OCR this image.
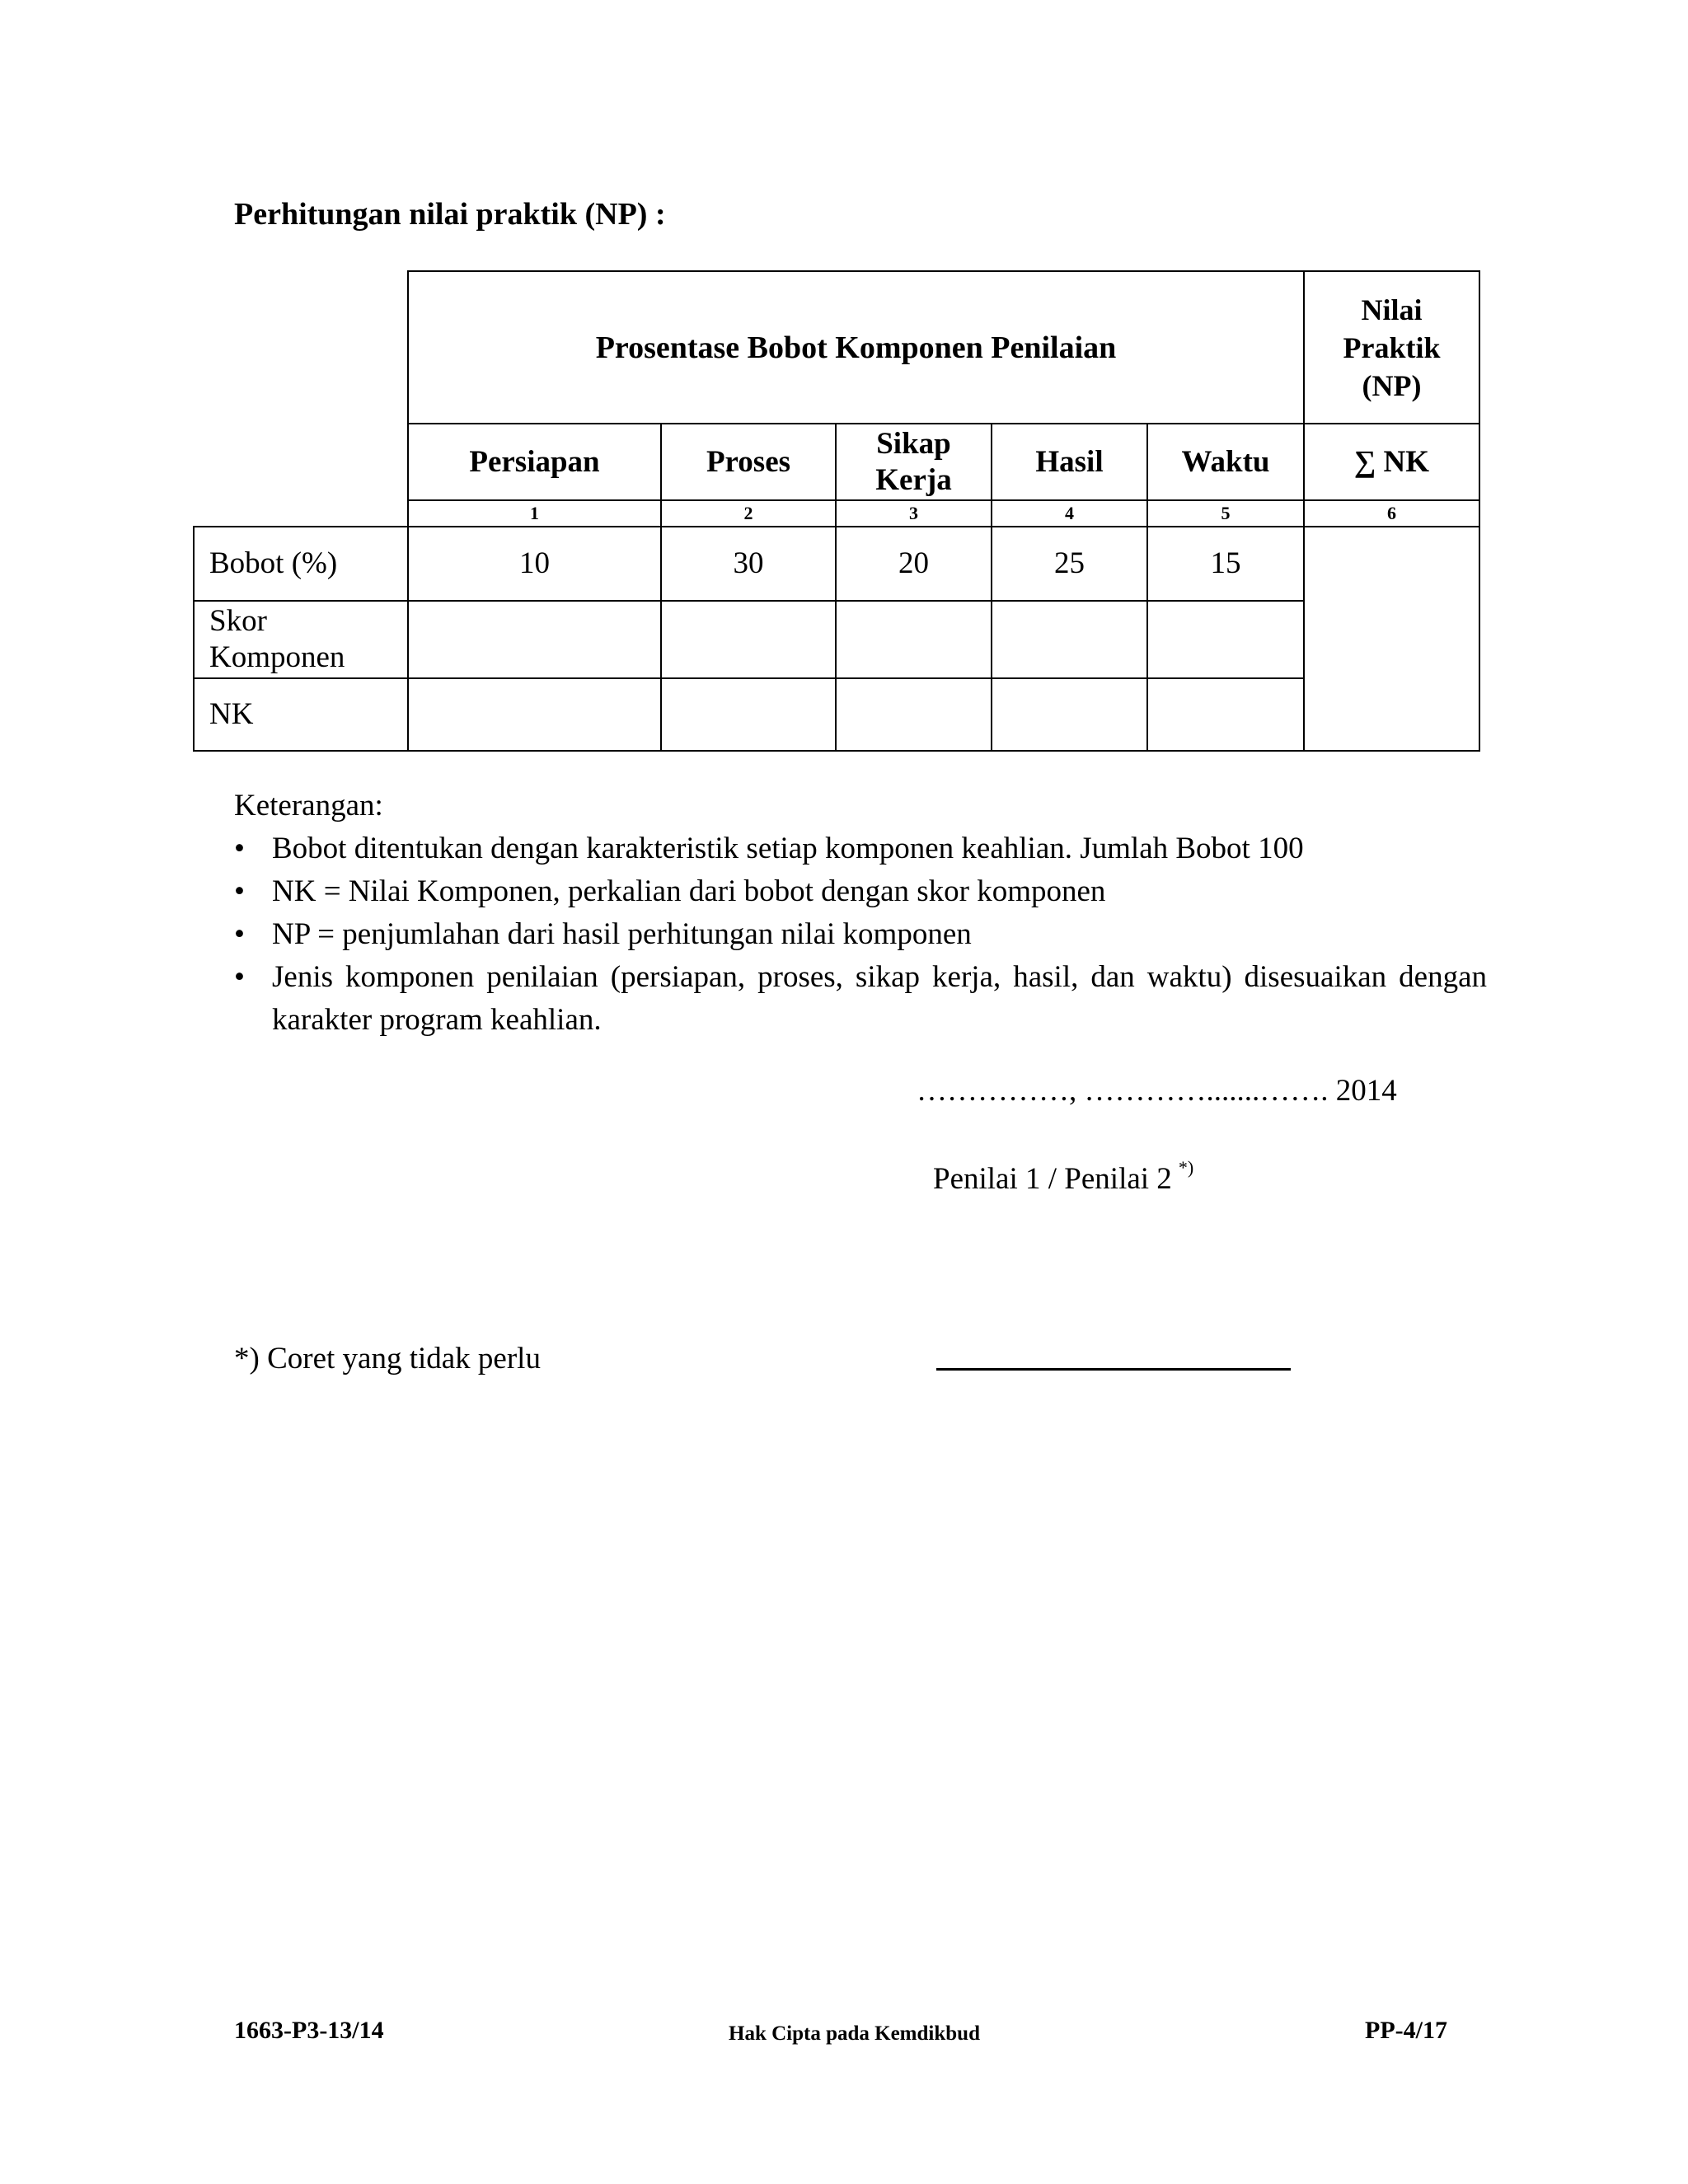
Perhitungan nilai praktik (NP) :
	Prosentase Bobot Komponen Penilaian					Nilai
Praktik
(NP)

	Persiapan	Proses	Sikap Kerja	Hasil	Waktu	∑ NK
	1	2	3	4	5	6
Bobot (%)	10	30	20	25	15	

Skor Komponen						

NK						
Keterangan:
• Bobot ditentukan dengan karakteristik setiap komponen keahlian. Jumlah Bobot 100
• NK = Nilai Komponen, perkalian dari bobot dengan skor komponen
• NP = penjumlahan dari hasil perhitungan nilai komponen
• Jenis komponen penilaian (persiapan, proses, sikap kerja, hasil, dan waktu) disesuaikan dengan karakter program keahlian.
……………, ………….......……. 2014
Penilai 1 / Penilai 2 *)
*) Coret yang tidak perlu
1663-P3-13/14	Hak Cipta pada Kemdikbud	PP-4/17
